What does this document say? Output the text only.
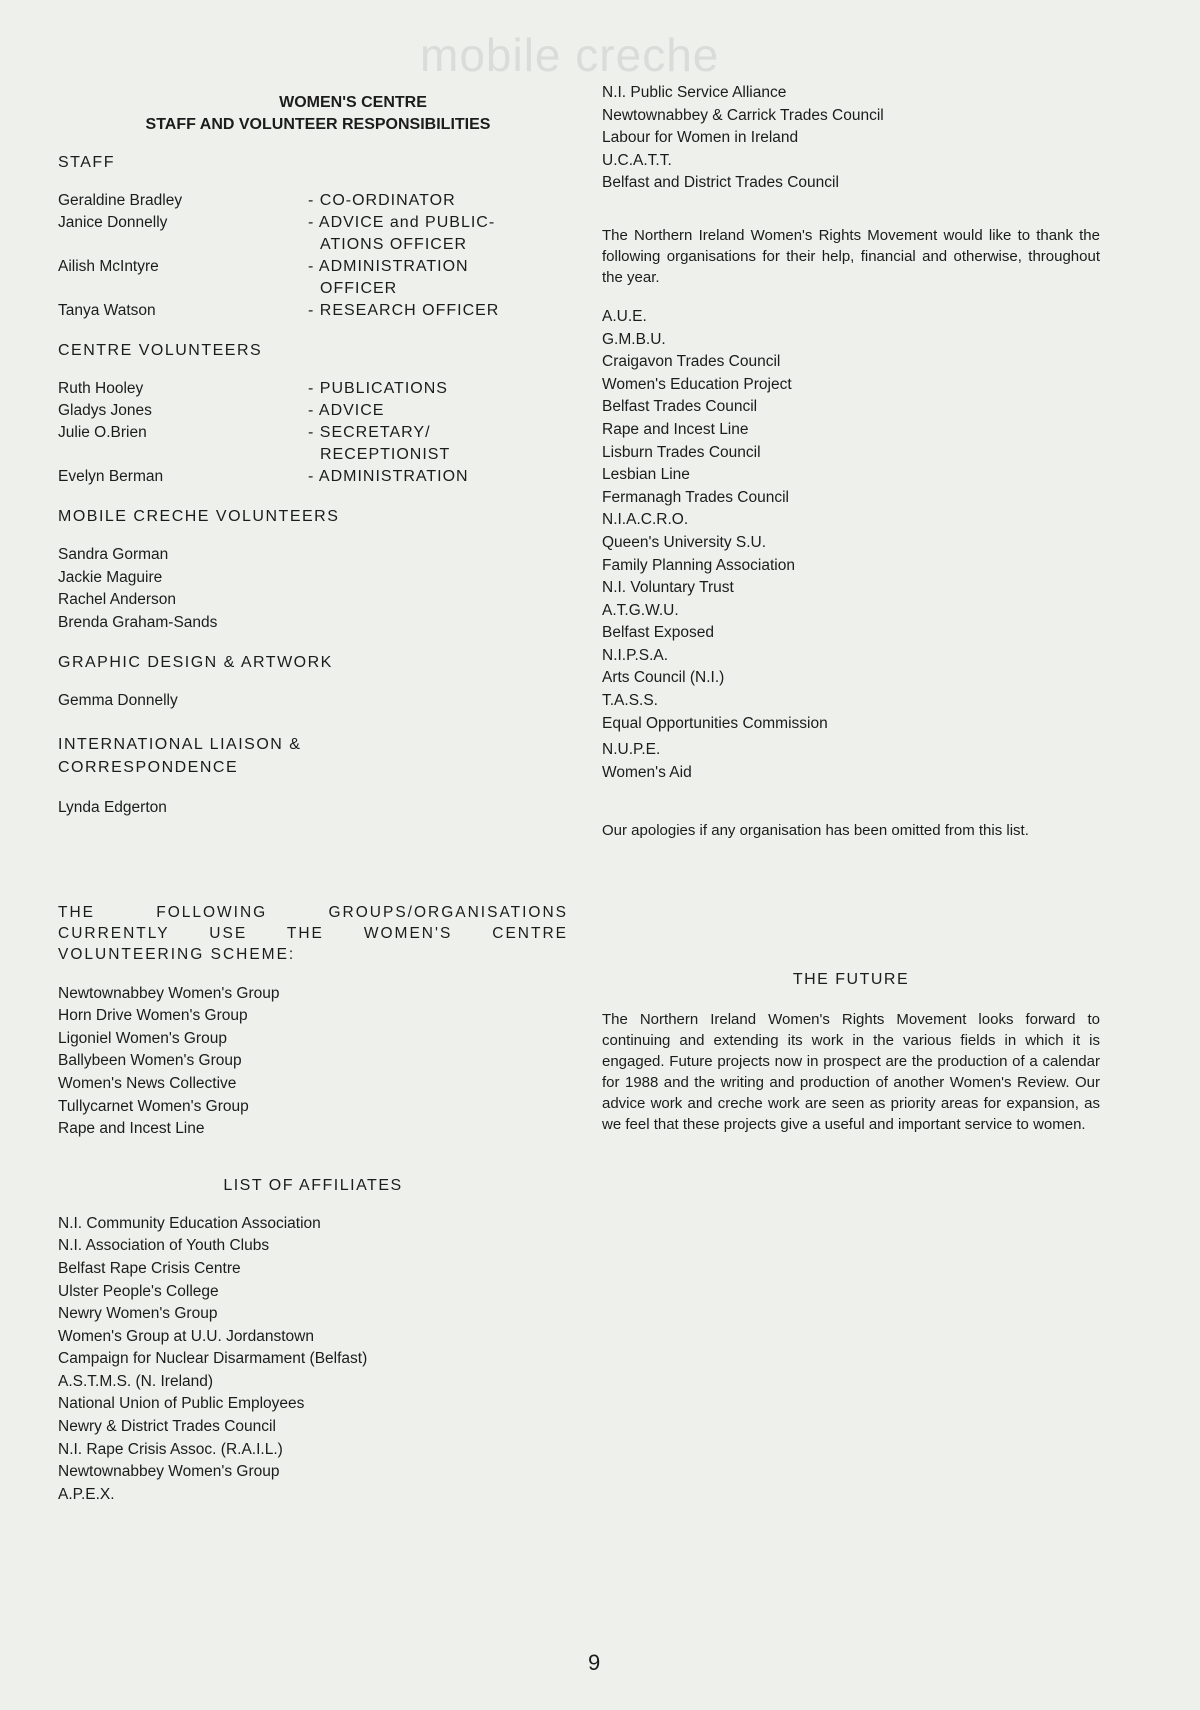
mobile creche
WOMEN'S CENTRE
STAFF AND VOLUNTEER RESPONSIBILITIES
STAFF
Geraldine Bradley	- CO-ORDINATOR
Janice Donnelly	- ADVICE and PUBLIC-
ATIONS OFFICER
Ailish McIntyre	- ADMINISTRATION
OFFICER
Tanya Watson	- RESEARCH OFFICER
CENTRE VOLUNTEERS
Ruth Hooley	- PUBLICATIONS
Gladys Jones	- ADVICE
Julie O.Brien	- SECRETARY/
RECEPTIONIST
Evelyn Berman	- ADMINISTRATION
MOBILE CRECHE VOLUNTEERS
Sandra Gorman
Jackie Maguire
Rachel Anderson
Brenda Graham-Sands
GRAPHIC DESIGN & ARTWORK
Gemma Donnelly
INTERNATIONAL LIAISON &
CORRESPONDENCE
Lynda Edgerton
THE FOLLOWING GROUPS/ORGANISATIONS CURRENTLY USE THE WOMEN'S CENTRE VOLUNTEERING SCHEME:
Newtownabbey Women's Group
Horn Drive Women's Group
Ligoniel Women's Group
Ballybeen Women's Group
Women's News Collective
Tullycarnet Women's Group
Rape and Incest Line
LIST OF AFFILIATES
N.I. Community Education Association
N.I. Association of Youth Clubs
Belfast Rape Crisis Centre
Ulster People's College
Newry Women's Group
Women's Group at U.U. Jordanstown
Campaign for Nuclear Disarmament (Belfast)
A.S.T.M.S. (N. Ireland)
National Union of Public Employees
Newry & District Trades Council
N.I. Rape Crisis Assoc. (R.A.I.L.)
Newtownabbey Women's Group
A.P.E.X.
N.I. Public Service Alliance
Newtownabbey & Carrick Trades Council
Labour for Women in Ireland
U.C.A.T.T.
Belfast and District Trades Council
The Northern Ireland Women's Rights Movement would like to thank the following organisations for their help, financial and otherwise, throughout the year.
A.U.E.
G.M.B.U.
Craigavon Trades Council
Women's Education Project
Belfast Trades Council
Rape and Incest Line
Lisburn Trades Council
Lesbian Line
Fermanagh Trades Council
N.I.A.C.R.O.
Queen's University S.U.
Family Planning Association
N.I. Voluntary Trust
A.T.G.W.U.
Belfast Exposed
N.I.P.S.A.
Arts Council (N.I.)
T.A.S.S.
Equal Opportunities Commission
N.U.P.E.
Women's Aid
Our apologies if any organisation has been omitted from this list.
THE FUTURE
The Northern Ireland Women's Rights Movement looks forward to continuing and extending its work in the various fields in which it is engaged. Future projects now in prospect are the production of a calendar for 1988 and the writing and production of another Women's Review. Our advice work and creche work are seen as priority areas for expansion, as we feel that these projects give a useful and important service to women.
9
